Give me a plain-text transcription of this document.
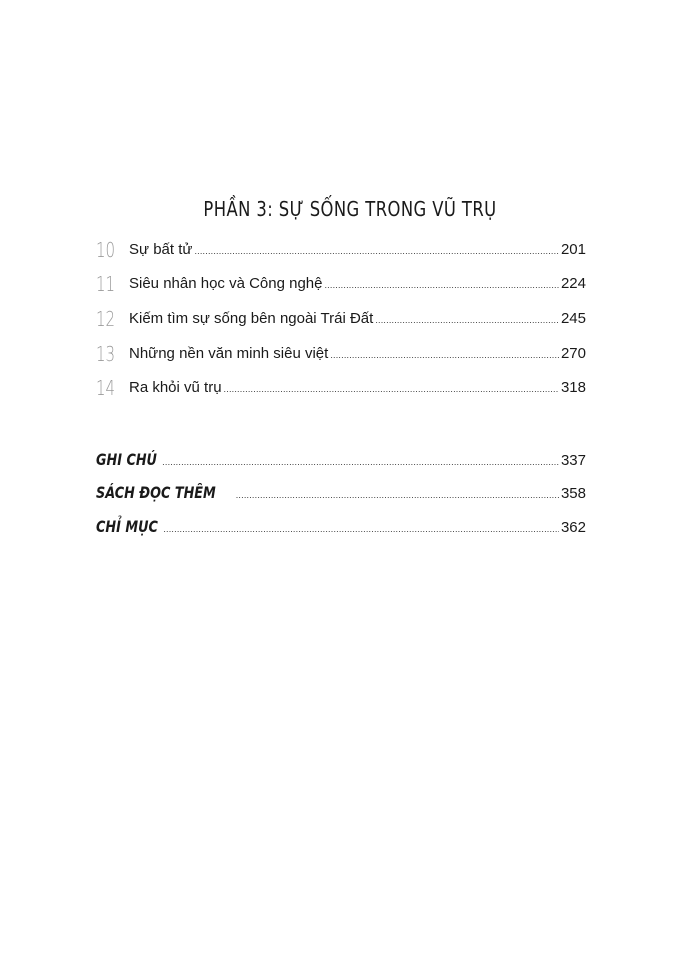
PHẦN 3: SỰ SỐNG TRONG VŨ TRỤ
10 Sự bất tử .....	201
11 Siêu nhân học và Công nghệ .....	224
12 Kiếm tìm sự sống bên ngoài Trái Đất .....	245
13 Những nền văn minh siêu việt .....	270
14 Ra khỏi vũ trụ .....	318
GHI CHÚ .....	337
SÁCH ĐỌC THÊM .....	358
CHỈ MỤC .....	362
